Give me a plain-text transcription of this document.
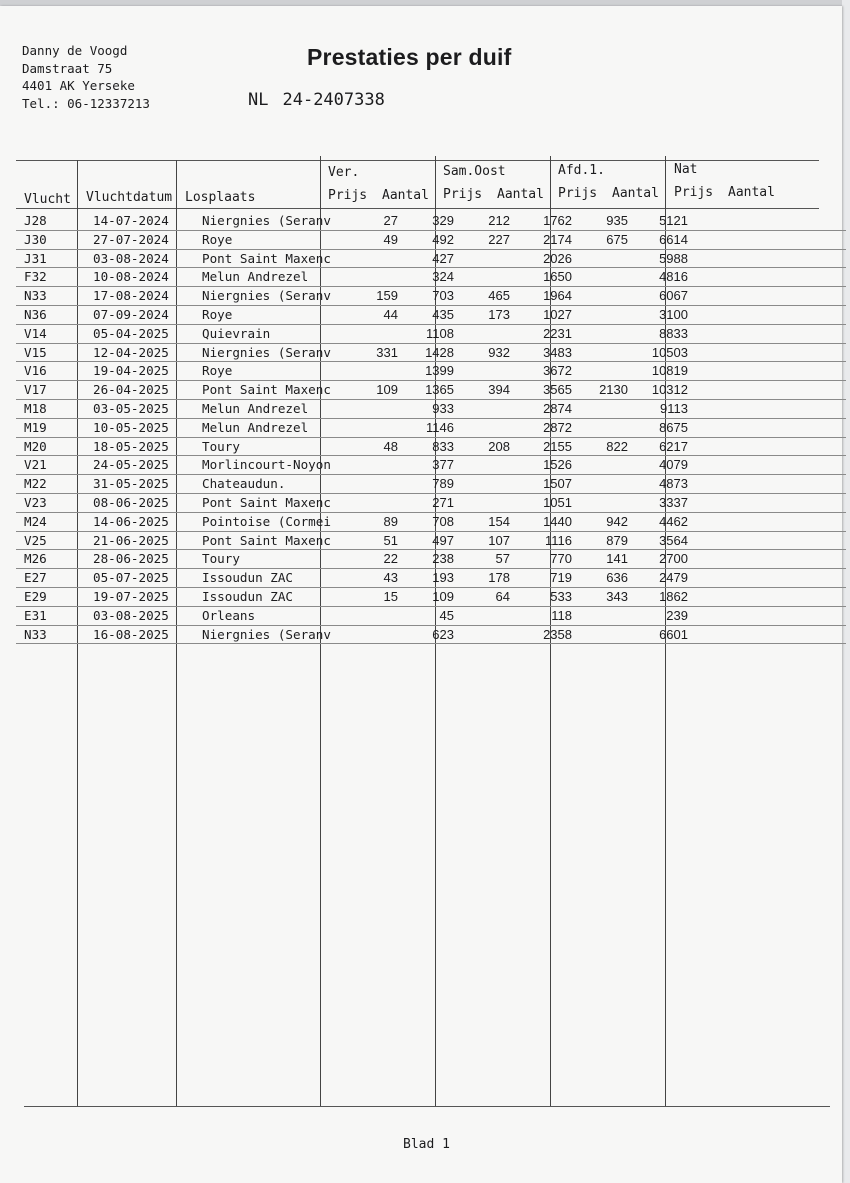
Danny de Voogd
Damstraat 75
4401 AK Yerseke
Tel.: 06-12337213
Prestaties per duif
NL 24-2407338
Vlucht Vluchtdatum Losplaats
Ver.
Prijs Aantal
Sam.Oost
Prijs Aantal
Afd.1.
Prijs Aantal
Nat
Prijs Aantal
J28	14-07-2024	Niergnies (Seranv	27	329	212	1762	935	5121	
J30	27-07-2024	Roye	49	492	227	2174	675	6614	
J31	03-08-2024	Pont Saint Maxenc		427		2026		5988	
F32	10-08-2024	Melun Andrezel		324		1650		4816	
N33	17-08-2024	Niergnies (Seranv	159	703	465	1964		6067	
N36	07-09-2024	Roye	44	435	173	1027		3100	
V14	05-04-2025	Quievrain		1108		2231		8833	
V15	12-04-2025	Niergnies (Seranv	331	1428	932	3483		10503	
V16	19-04-2025	Roye		1399		3672		10819	
V17	26-04-2025	Pont Saint Maxenc	109	1365	394	3565	2130	10312	
M18	03-05-2025	Melun Andrezel		933		2874		9113	
M19	10-05-2025	Melun Andrezel		1146		2872		8675	
M20	18-05-2025	Toury	48	833	208	2155	822	6217	
V21	24-05-2025	Morlincourt-Noyon		377		1526		4079	
M22	31-05-2025	Chateaudun.		789		1507		4873	
V23	08-06-2025	Pont Saint Maxenc		271		1051		3337	
M24	14-06-2025	Pointoise (Cormei	89	708	154	1440	942	4462	
V25	21-06-2025	Pont Saint Maxenc	51	497	107	1116	879	3564	
M26	28-06-2025	Toury	22	238	57	770	141	2700	
E27	05-07-2025	Issoudun ZAC	43	193	178	719	636	2479	
E29	19-07-2025	Issoudun ZAC	15	109	64	533	343	1862	
E31	03-08-2025	Orleans		45		118		239	
N33	16-08-2025	Niergnies (Seranv		623		2358		6601	
Blad 1
